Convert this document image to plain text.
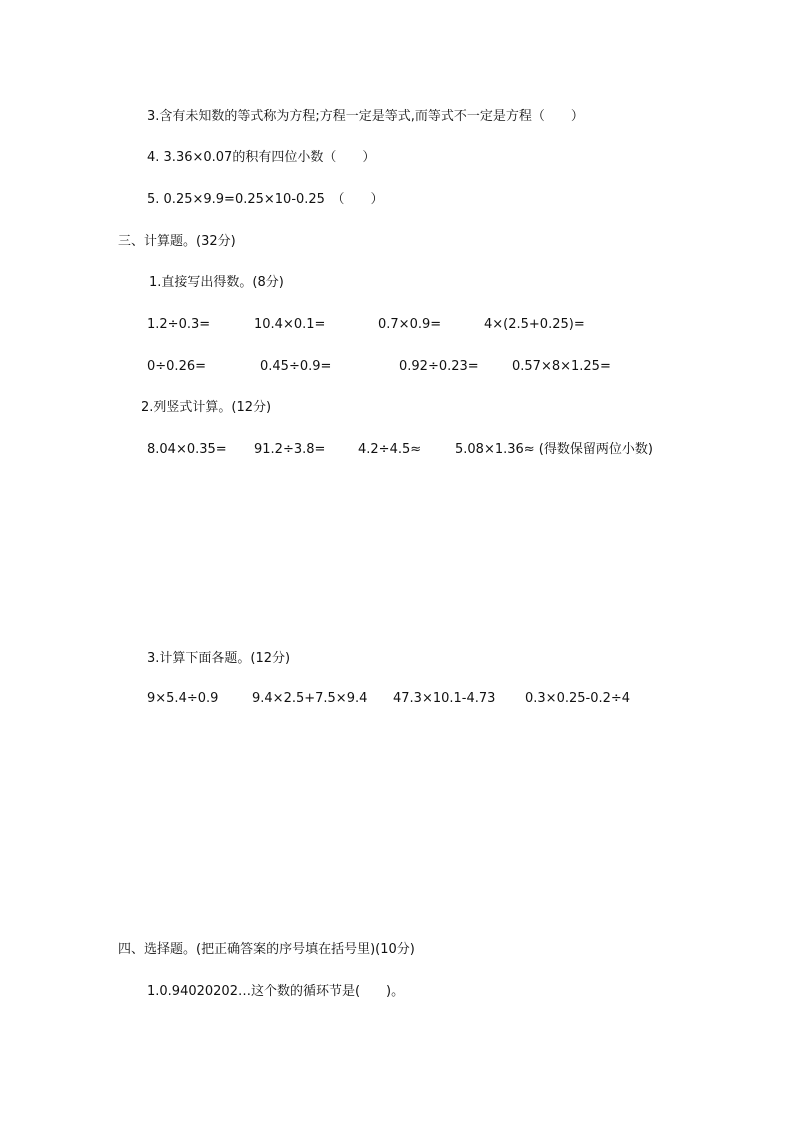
3.含有未知数的等式称为方程;方程一定是等式,而等式不一定是方程（　　）
4. 3.36×0.07的积有四位小数（　　）
5. 0.25×9.9=0.25×10-0.25　（　　）
三、计算题。(32分)
1.直接写出得数。(8分)
1.2÷0.3=	10.4×0.1=	0.7×0.9=	4×(2.5+0.25)=
0÷0.26=	0.45÷0.9=	0.92÷0.23=	0.57×8×1.25=
2.列竖式计算。(12分)
8.04×0.35= 91.2÷3.8=	4.2÷4.5≈	5.08×1.36≈ (得数保留两位小数)
3.计算下面各题。(12分)
9×5.4÷0.9	9.4×2.5+7.5×9.4 47.3×10.1-4.73 0.3×0.25-0.2÷4
四、选择题。(把正确答案的序号填在括号里)(10分)
1.0.94020202…这个数的循环节是(　　)。
